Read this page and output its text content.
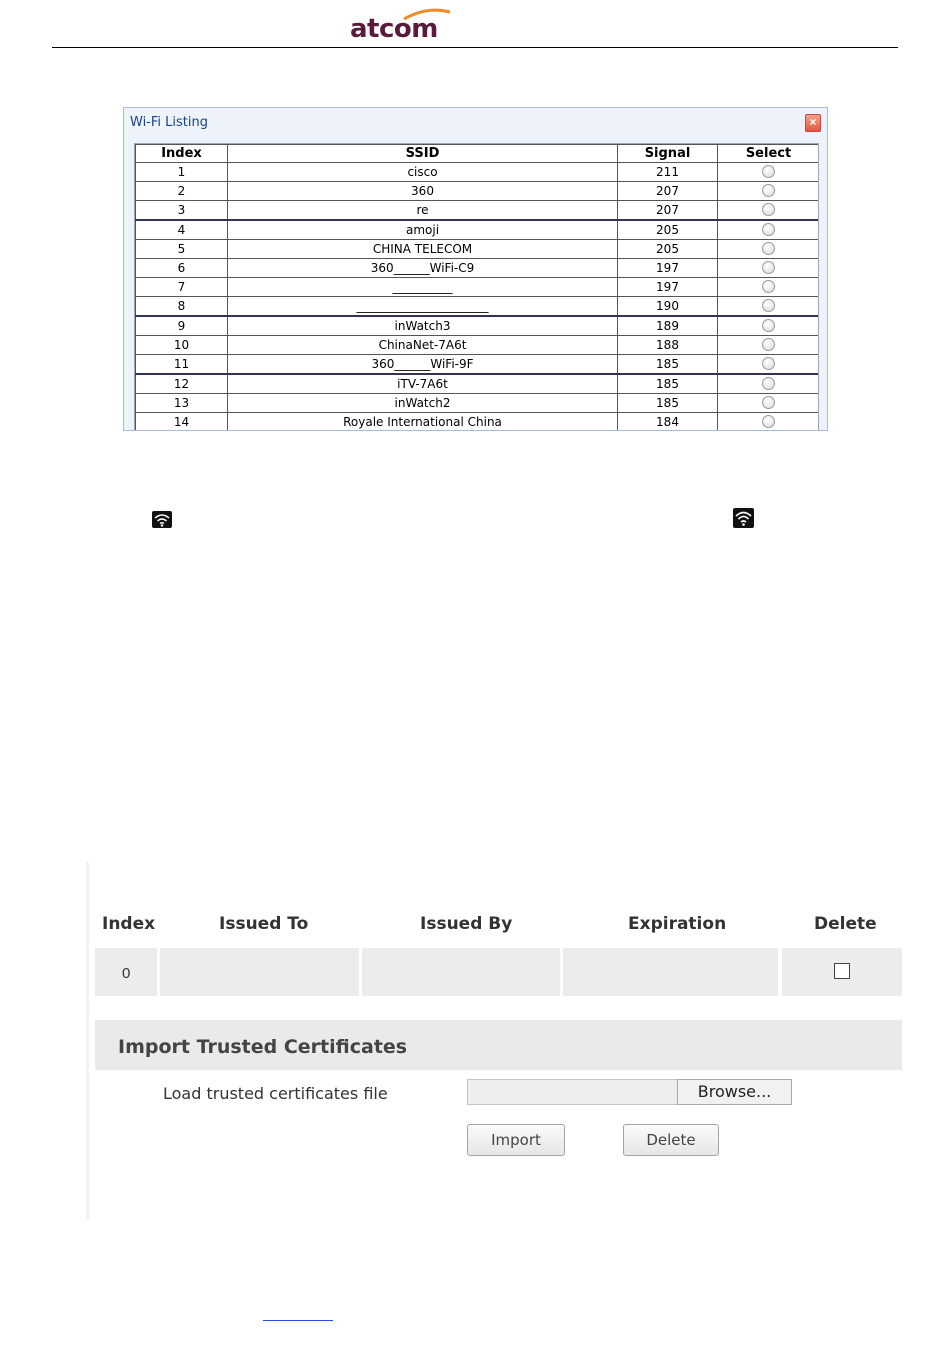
atcom
Wi-Fi Listing	×
Index	SSID	Signal	Select
1	cisco	211	
2	360	207	
3	re	207	
4	amoji	205	
5	CHINA TELECOM	205	
6	360______WiFi-C9	197	
7	__________	197	
8	______________________	190	
9	inWatch3	189	
10	ChinaNet-7A6t	188	
11	360______WiFi-9F	185	
12	iTV-7A6t	185	
13	inWatch2	185	
14	Royale International China	184	
Index	Issued To	Issued By	Expiration	Delete
0
Import Trusted Certificates
Load trusted certificates file	Browse...
Import	Delete
